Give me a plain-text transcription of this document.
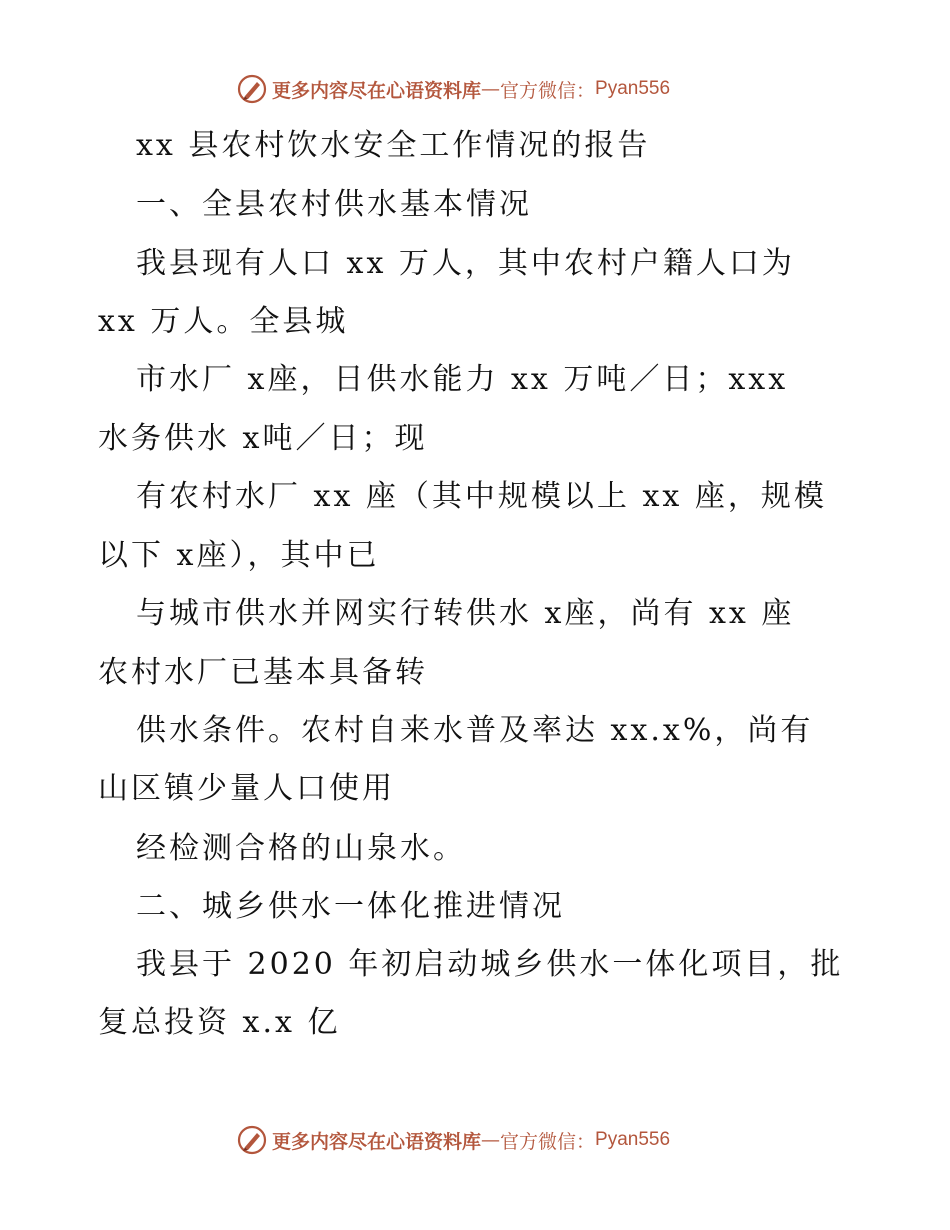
更多内容尽在心语资料库 — 官方微信： Pyan556
xx 县农村饮水安全工作情况的报告
一、全县农村供水基本情况
我县现有人口 xx 万人，其中农村户籍人口为
xx 万人。全县城
市水厂 x座，日供水能力 xx 万吨／日；xxx
水务供水 x吨／日；现
有农村水厂 xx 座（其中规模以上 xx 座，规模
以下 x座），其中已
与城市供水并网实行转供水 x座，尚有 xx 座
农村水厂已基本具备转
供水条件。农村自来水普及率达 xx.x%，尚有
山区镇少量人口使用
经检测合格的山泉水。
二、城乡供水一体化推进情况
我县于 2020 年初启动城乡供水一体化项目，批
复总投资 x.x 亿
更多内容尽在心语资料库 — 官方微信： Pyan556
